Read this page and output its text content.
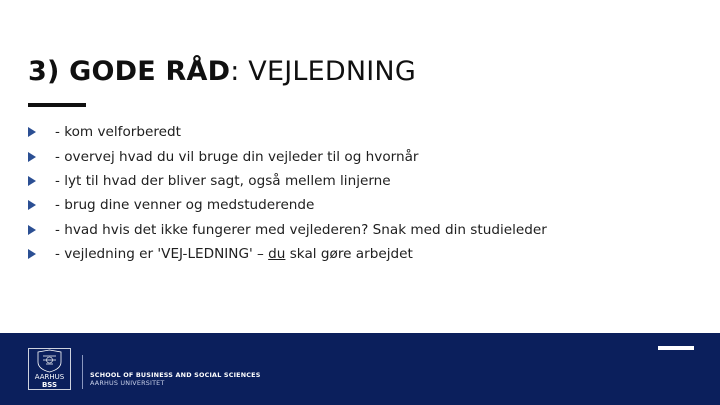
3) GODE RÅD: VEJLEDNING
- kom velforberedt
- overvej hvad du vil bruge din vejleder til og hvornår
- lyt til hvad der bliver sagt, også mellem linjerne
- brug dine venner og medstuderende
- hvad hvis det ikke fungerer med vejlederen? Snak med din studieleder
- vejledning er 'VEJ-LEDNING' – du skal gøre arbejdet
AARHUS
BSS
SCHOOL OF BUSINESS AND SOCIAL SCIENCES
AARHUS UNIVERSITET
